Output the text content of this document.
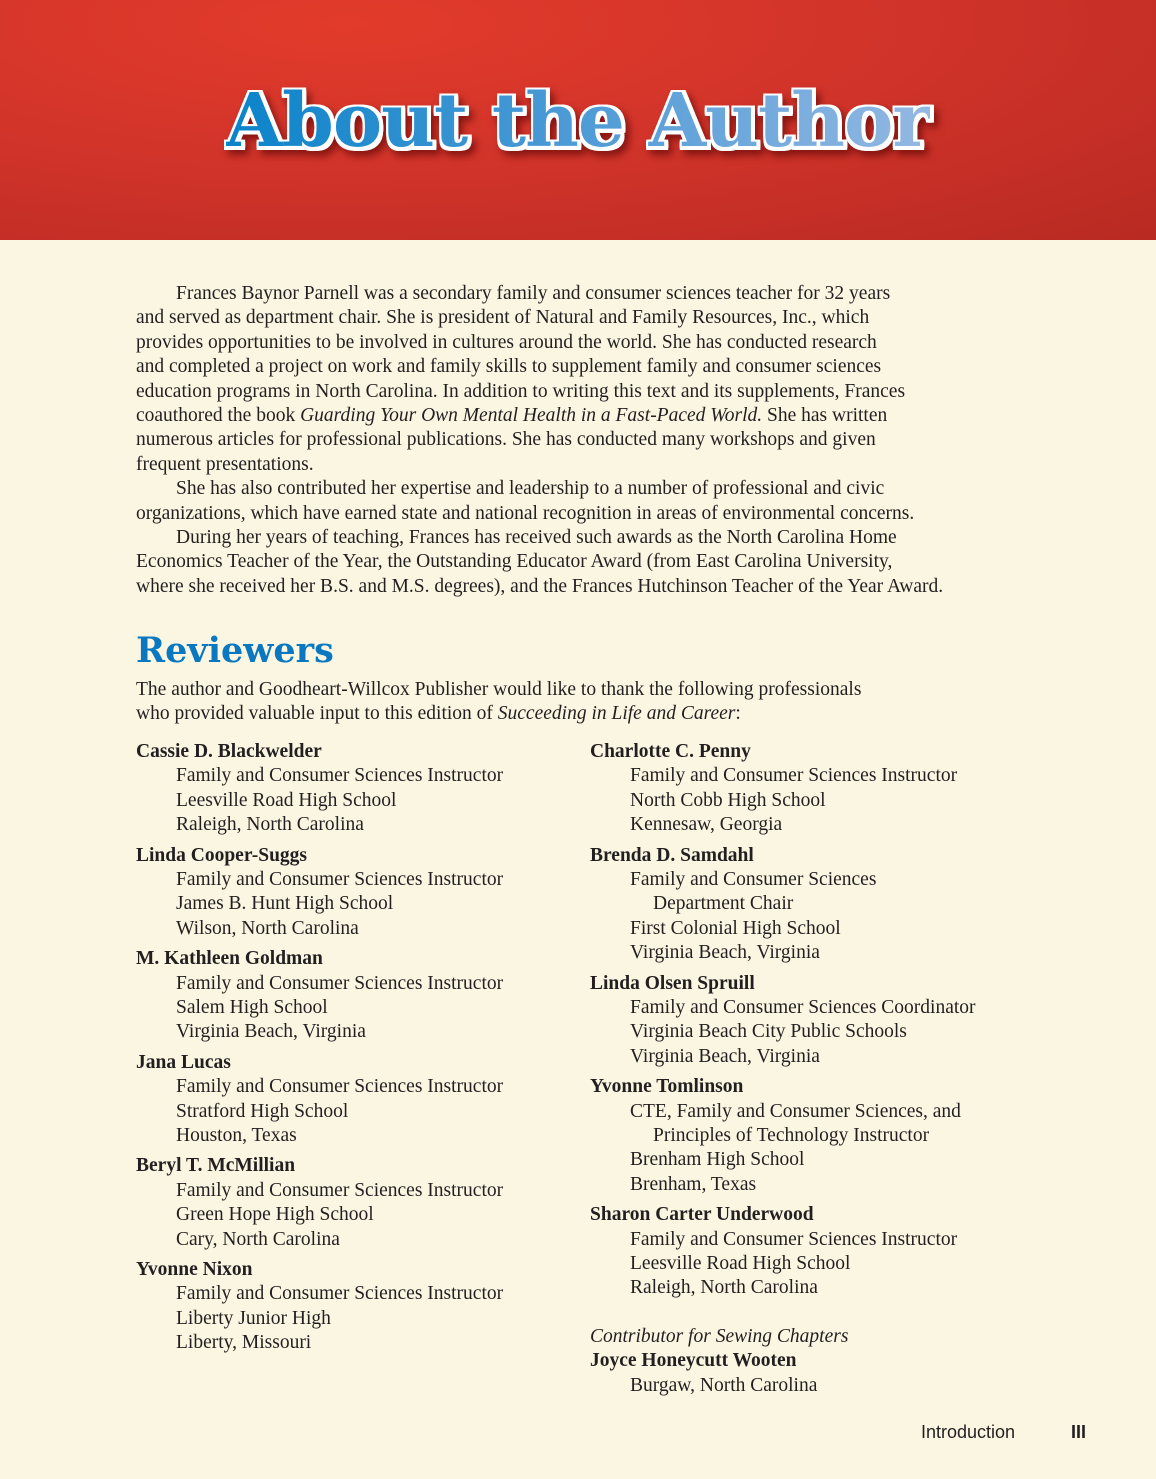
About the Author
Frances Baynor Parnell was a secondary family and consumer sciences teacher for 32 years
and served as department chair. She is president of Natural and Family Resources, Inc., which
provides opportunities to be involved in cultures around the world. She has conducted research
and completed a project on work and family skills to supplement family and consumer sciences
education programs in North Carolina. In addition to writing this text and its supplements, Frances
coauthored the book Guarding Your Own Mental Health in a Fast-Paced World. She has written
numerous articles for professional publications. She has conducted many workshops and given
frequent presentations.
She has also contributed her expertise and leadership to a number of professional and civic
organizations, which have earned state and national recognition in areas of environmental concerns.
During her years of teaching, Frances has received such awards as the North Carolina Home
Economics Teacher of the Year, the Outstanding Educator Award (from East Carolina University,
where she received her B.S. and M.S. degrees), and the Frances Hutchinson Teacher of the Year Award.
The author and Goodheart-Willcox Publisher would like to thank the following professionals
who provided valuable input to this edition of Succeeding in Life and Career:
Cassie D. Blackwelder
Family and Consumer Sciences Instructor
Leesville Road High School
Raleigh, North Carolina
Linda Cooper-Suggs
Family and Consumer Sciences Instructor
James B. Hunt High School
Wilson, North Carolina
M. Kathleen Goldman
Family and Consumer Sciences Instructor
Salem High School
Virginia Beach, Virginia
Jana Lucas
Family and Consumer Sciences Instructor
Stratford High School
Houston, Texas
Beryl T. McMillian
Family and Consumer Sciences Instructor
Green Hope High School
Cary, North Carolina
Yvonne Nixon
Family and Consumer Sciences Instructor
Liberty Junior High
Liberty, Missouri
Charlotte C. Penny
Family and Consumer Sciences Instructor
North Cobb High School
Kennesaw, Georgia
Brenda D. Samdahl
Family and Consumer Sciences
Department Chair
First Colonial High School
Virginia Beach, Virginia
Linda Olsen Spruill
Family and Consumer Sciences Coordinator
Virginia Beach City Public Schools
Virginia Beach, Virginia
Yvonne Tomlinson
CTE, Family and Consumer Sciences, and
Principles of Technology Instructor
Brenham High School
Brenham, Texas
Sharon Carter Underwood
Family and Consumer Sciences Instructor
Leesville Road High School
Raleigh, North Carolina
Contributor for Sewing Chapters
Joyce Honeycutt Wooten
Burgaw, North Carolina
Reviewers
Introduction	III
